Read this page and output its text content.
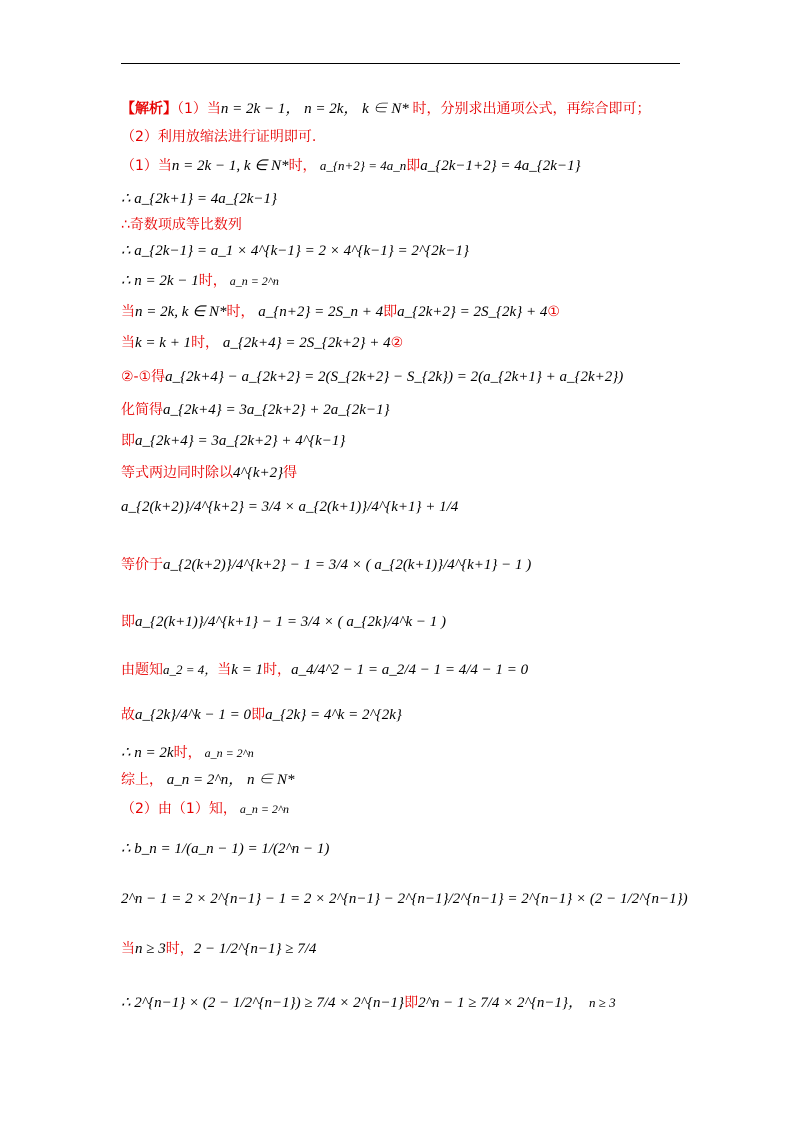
【解析】（1）当n = 2k − 1， n = 2k， k ∈ N* 时，分别求出通项公式，再综合即可；
（2）利用放缩法进行证明即可.
（1）当n = 2k − 1, k ∈ N*时， a_{n+2} = 4a_n即a_{2k−1+2} = 4a_{2k−1}
∴ a_{2k+1} = 4a_{2k−1}
∴奇数项成等比数列
∴ a_{2k−1} = a_1 × 4^{k−1} = 2 × 4^{k−1} = 2^{2k−1}
∴ n = 2k − 1时， a_n = 2^n
当n = 2k, k ∈ N*时， a_{n+2} = 2S_n + 4即a_{2k+2} = 2S_{2k} + 4①
当k = k + 1时， a_{2k+4} = 2S_{2k+2} + 4②
②-①得a_{2k+4} − a_{2k+2} = 2(S_{2k+2} − S_{2k}) = 2(a_{2k+1} + a_{2k+2})
化简得a_{2k+4} = 3a_{2k+2} + 2a_{2k−1}
即a_{2k+4} = 3a_{2k+2} + 4^{k−1}
等式两边同时除以4^{k+2}得
a_{2(k+2)}/4^{k+2} = 3/4 × a_{2(k+1)}/4^{k+1} + 1/4
等价于a_{2(k+2)}/4^{k+2} − 1 = 3/4 × ( a_{2(k+1)}/4^{k+1} − 1 )
即a_{2(k+1)}/4^{k+1} − 1 = 3/4 × ( a_{2k}/4^k − 1 )
由题知a_2 = 4，当k = 1时，a_4/4^2 − 1 = a_2/4 − 1 = 4/4 − 1 = 0
故a_{2k}/4^k − 1 = 0即a_{2k} = 4^k = 2^{2k}
∴ n = 2k时， a_n = 2^n
综上， a_n = 2^n， n ∈ N*
（2）由（1）知， a_n = 2^n
∴ b_n = 1/(a_n − 1) = 1/(2^n − 1)
2^n − 1 = 2 × 2^{n−1} − 1 = 2 × 2^{n−1} − 2^{n−1}/2^{n−1} = 2^{n−1} × (2 − 1/2^{n−1})
当n ≥ 3时，2 − 1/2^{n−1} ≥ 7/4
∴ 2^{n−1} × (2 − 1/2^{n−1}) ≥ 7/4 × 2^{n−1}即2^n − 1 ≥ 7/4 × 2^{n−1}， n ≥ 3
